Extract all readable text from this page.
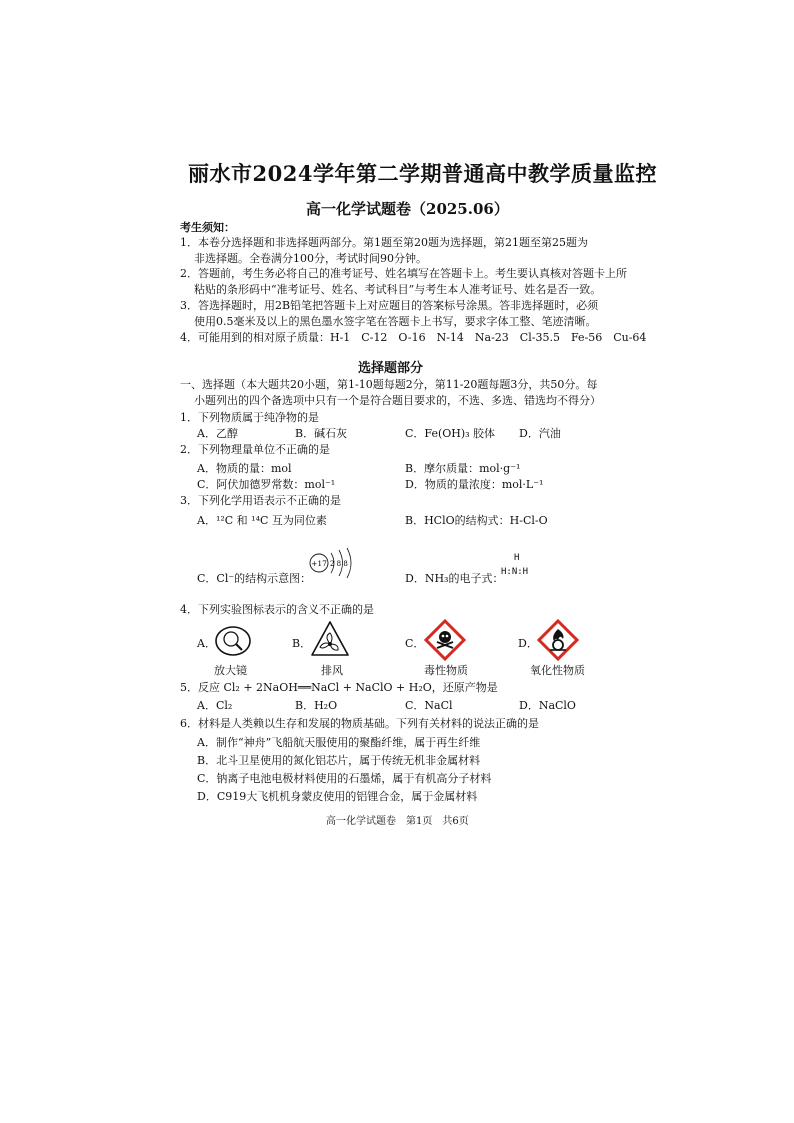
丽水市2024学年第二学期普通高中教学质量监控
高一化学试题卷（2025.06）
考生须知：
1．本卷分选择题和非选择题两部分。第1题至第20题为选择题，第21题至第25题为
非选择题。全卷满分100分，考试时间90分钟。
2．答题前，考生务必将自己的准考证号、姓名填写在答题卡上。考生要认真核对答题卡上所
粘贴的条形码中“准考证号、姓名、考试科目”与考生本人准考证号、姓名是否一致。
3．答选择题时，用2B铅笔把答题卡上对应题目的答案标号涂黑。答非选择题时，必须
使用0.5毫米及以上的黑色墨水签字笔在答题卡上书写，要求字体工整、笔迹清晰。
4．可能用到的相对原子质量：H-1　C-12　O-16　N-14　Na-23　Cl-35.5　Fe-56　Cu-64
选择题部分
一、选择题（本大题共20小题，第1-10题每题2分，第11-20题每题3分，共50分。每
小题列出的四个备选项中只有一个是符合题目要求的，不选、多选、错选均不得分）
1．下列物质属于纯净物的是
A．乙醇	B．碱石灰	C．Fe(OH)₃ 胶体 D．汽油
2．下列物理量单位不正确的是
A．物质的量：mol	B．摩尔质量：mol·g⁻¹
C．阿伏加德罗常数：mol⁻¹	D．物质的量浓度：mol·L⁻¹
3．下列化学用语表示不正确的是
A．¹²C 和 ¹⁴C 互为同位素	B．HClO的结构式：H-Cl-O
C．Cl⁻的结构示意图：
+17 2 8 8
D．NH₃的电子式：
H
H:N:H
4．下列实验图标表示的含义不正确的是
A．	B．	C．	D．
放大镜	排风	毒性物质	氧化性物质
5．反应 Cl₂ + 2NaOH══NaCl + NaClO + H₂O，还原产物是
A．Cl₂	B．H₂O	C．NaCl	D．NaClO
6．材料是人类赖以生存和发展的物质基础。下列有关材料的说法正确的是
A．制作“神舟”飞船航天服使用的聚酯纤维，属于再生纤维
B．北斗卫星使用的氮化铝芯片，属于传统无机非金属材料
C．钠离子电池电极材料使用的石墨烯，属于有机高分子材料
D．C919大飞机机身蒙皮使用的铝锂合金，属于金属材料
高一化学试题卷　第1页　共6页
